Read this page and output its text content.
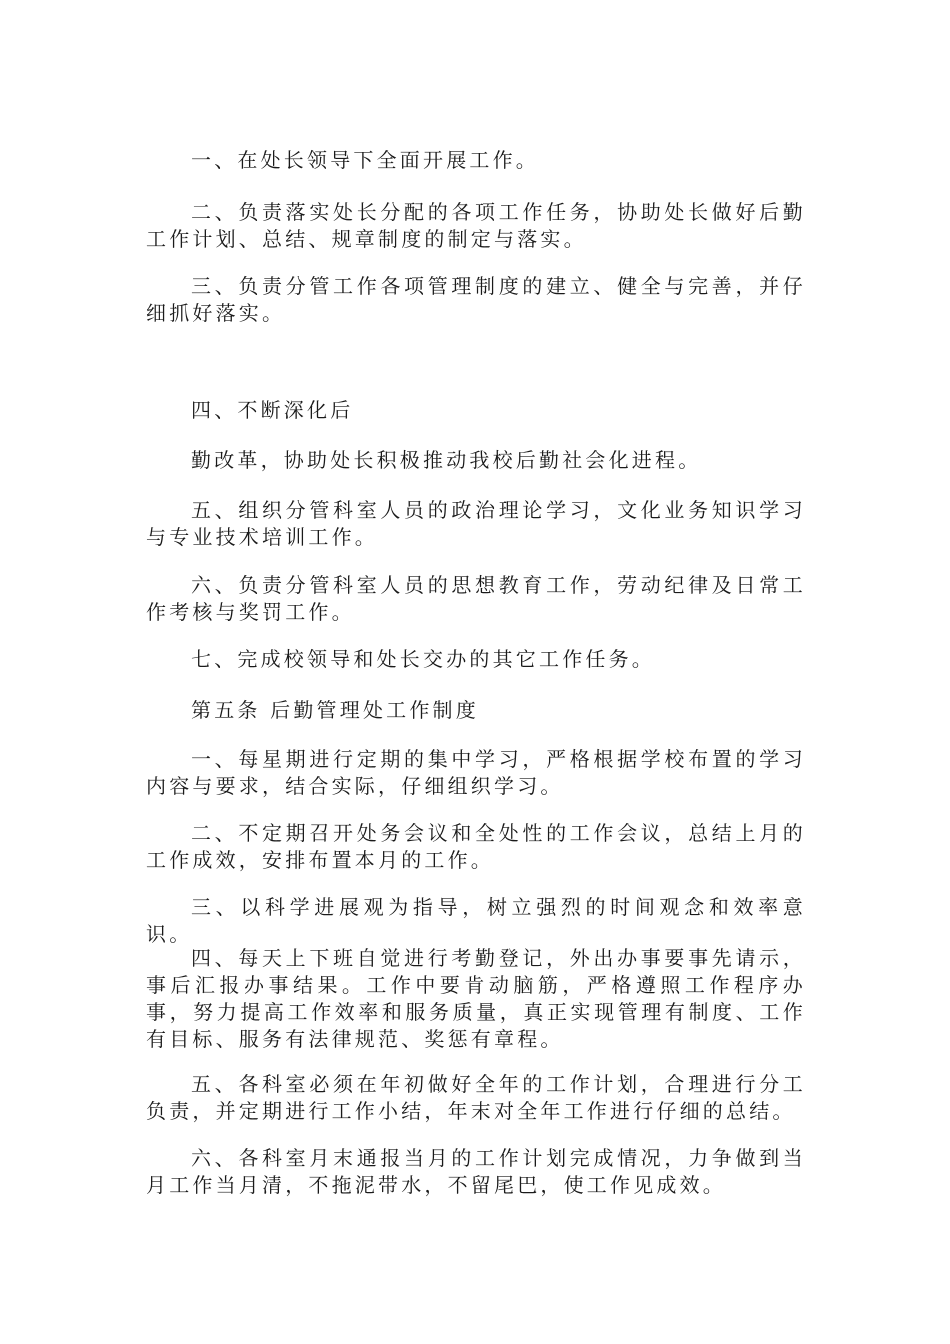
一、在处长领导下全面开展工作。

二、负责落实处长分配的各项工作任务，协助处长做好后勤工作计划、总结、规章制度的制定与落实。

三、负责分管工作各项管理制度的建立、健全与完善，并仔细抓好落实。

四、不断深化后

勤改革，协助处长积极推动我校后勤社会化进程。

五、组织分管科室人员的政治理论学习，文化业务知识学习与专业技术培训工作。

六、负责分管科室人员的思想教育工作，劳动纪律及日常工作考核与奖罚工作。

七、完成校领导和处长交办的其它工作任务。

第五条 后勤管理处工作制度

一、每星期进行定期的集中学习，严格根据学校布置的学习内容与要求，结合实际，仔细组织学习。

二、不定期召开处务会议和全处性的工作会议，总结上月的工作成效，安排布置本月的工作。

三、以科学进展观为指导，树立强烈的时间观念和效率意识。

四、每天上下班自觉进行考勤登记，外出办事要事先请示，事后汇报办事结果。工作中要肯动脑筋，严格遵照工作程序办事，努力提高工作效率和服务质量，真正实现管理有制度、工作有目标、服务有法律规范、奖惩有章程。

五、各科室必须在年初做好全年的工作计划，合理进行分工负责，并定期进行工作小结，年末对全年工作进行仔细的总结。

六、各科室月末通报当月的工作计划完成情况，力争做到当月工作当月清，不拖泥带水，不留尾巴，使工作见成效。
